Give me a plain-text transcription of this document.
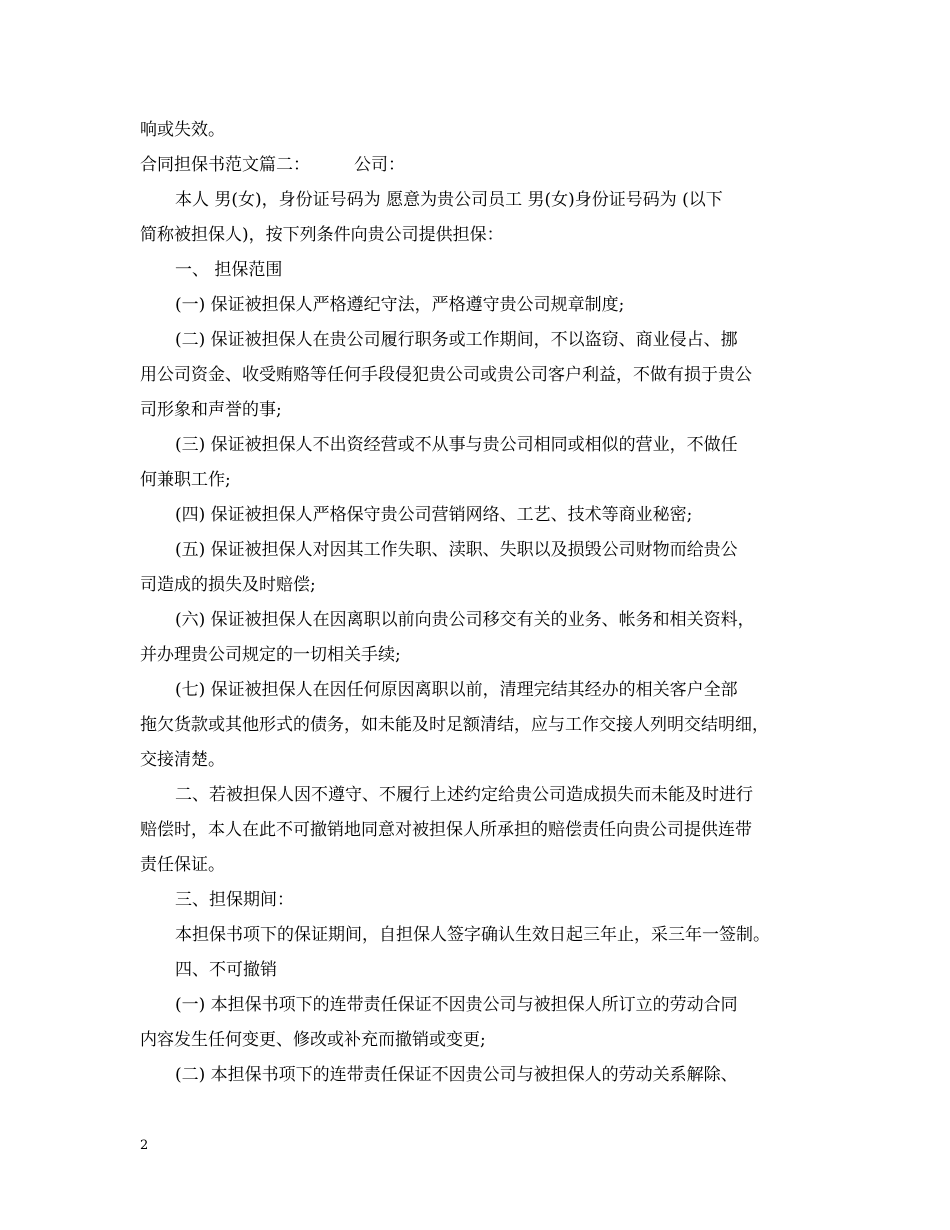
响或失效。
合同担保书范文篇二：	公司：
本人 男(女)，身份证号码为 愿意为贵公司员工 男(女)身份证号码为 (以下
简称被担保人)，按下列条件向贵公司提供担保：
一、 担保范围
(一) 保证被担保人严格遵纪守法，严格遵守贵公司规章制度;
(二) 保证被担保人在贵公司履行职务或工作期间，不以盗窃、商业侵占、挪
用公司资金、收受贿赂等任何手段侵犯贵公司或贵公司客户利益，不做有损于贵公
司形象和声誉的事;
(三) 保证被担保人不出资经营或不从事与贵公司相同或相似的营业，不做任
何兼职工作;
(四) 保证被担保人严格保守贵公司营销网络、工艺、技术等商业秘密;
(五) 保证被担保人对因其工作失职、渎职、失职以及损毁公司财物而给贵公
司造成的损失及时赔偿;
(六) 保证被担保人在因离职以前向贵公司移交有关的业务、帐务和相关资料，
并办理贵公司规定的一切相关手续;
(七) 保证被担保人在因任何原因离职以前，清理完结其经办的相关客户全部
拖欠货款或其他形式的债务，如未能及时足额清结，应与工作交接人列明交结明细，
交接清楚。
二、若被担保人因不遵守、不履行上述约定给贵公司造成损失而未能及时进行
赔偿时，本人在此不可撤销地同意对被担保人所承担的赔偿责任向贵公司提供连带
责任保证。
三、担保期间：
本担保书项下的保证期间，自担保人签字确认生效日起三年止，采三年一签制。
四、不可撤销
(一) 本担保书项下的连带责任保证不因贵公司与被担保人所订立的劳动合同
内容发生任何变更、修改或补充而撤销或变更;
(二) 本担保书项下的连带责任保证不因贵公司与被担保人的劳动关系解除、
2
